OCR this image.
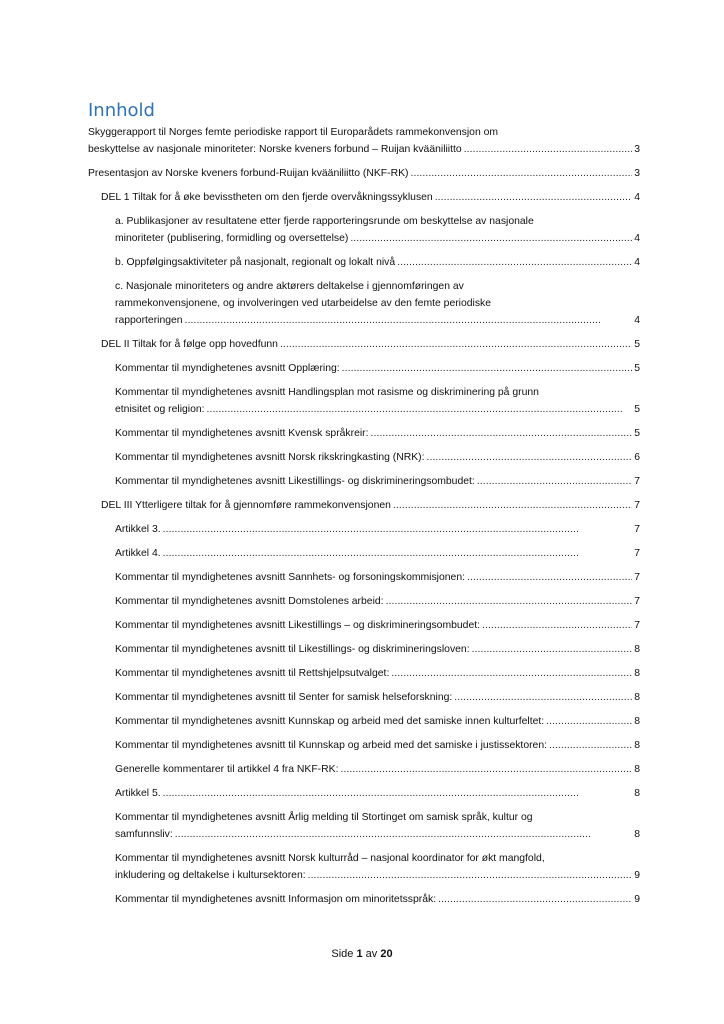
Innhold
Skyggerapport til Norges femte periodiske rapport til Europarådets rammekonvensjon om
beskyttelse av nasjonale minoriteter: Norske kveners forbund – Ruijan kvääniliitto . . .	3
Presentasjon av Norske kveners forbund-Ruijan kvääniliitto (NKF-RK) . . .	3
DEL 1 Tiltak for å øke bevisstheten om den fjerde overvåkningssyklusen . . .	4
a. Publikasjoner av resultatene etter fjerde rapporteringsrunde om beskyttelse av nasjonale
minoriteter (publisering, formidling og oversettelse) . . .	4
b. Oppfølgingsaktiviteter på nasjonalt, regionalt og lokalt nivå . . .	4
c. Nasjonale minoriteters og andre aktørers deltakelse i gjennomføringen av
rammekonvensjonene, og involveringen ved utarbeidelse av den femte periodiske
rapporteringen . . .	4
DEL II Tiltak for å følge opp hovedfunn . . .	5
Kommentar til myndighetenes avsnitt Opplæring: . . .	5
Kommentar til myndighetenes avsnitt Handlingsplan mot rasisme og diskriminering på grunn
etnisitet og religion: . . .	5
Kommentar til myndighetenes avsnitt Kvensk språkreir: . . .	5
Kommentar til myndighetenes avsnitt Norsk rikskringkasting (NRK): . . .	6
Kommentar til myndighetenes avsnitt Likestillings- og diskrimineringsombudet: . . .	7
DEL III Ytterligere tiltak for å gjennomføre rammekonvensjonen . . .	7
Artikkel 3. . . .	7
Artikkel 4. . . .	7
Kommentar til myndighetenes avsnitt Sannhets- og forsoningskommisjonen: . . .	7
Kommentar til myndighetenes avsnitt Domstolenes arbeid: . . .	7
Kommentar til myndighetenes avsnitt Likestillings – og diskrimineringsombudet: . . .	7
Kommentar til myndighetenes avsnitt til Likestillings- og diskrimineringsloven: . . .	8
Kommentar til myndighetenes avsnitt til Rettshjelpsutvalget: . . .	8
Kommentar til myndighetenes avsnitt til Senter for samisk helseforskning: . . .	8
Kommentar til myndighetenes avsnitt Kunnskap og arbeid med det samiske innen kulturfeltet: . . .	8
Kommentar til myndighetenes avsnitt til Kunnskap og arbeid med det samiske i justissektoren: . . .	8
Generelle kommentarer til artikkel 4 fra NKF-RK: . . .	8
Artikkel 5. . . .	8
Kommentar til myndighetenes avsnitt Årlig melding til Stortinget om samisk språk, kultur og
samfunnsliv: . . .	8
Kommentar til myndighetenes avsnitt Norsk kulturråd – nasjonal koordinator for økt mangfold,
inkludering og deltakelse i kultursektoren: . . .	9
Kommentar til myndighetenes avsnitt Informasjon om minoritetsspråk: . . .	9
Side 1 av 20
